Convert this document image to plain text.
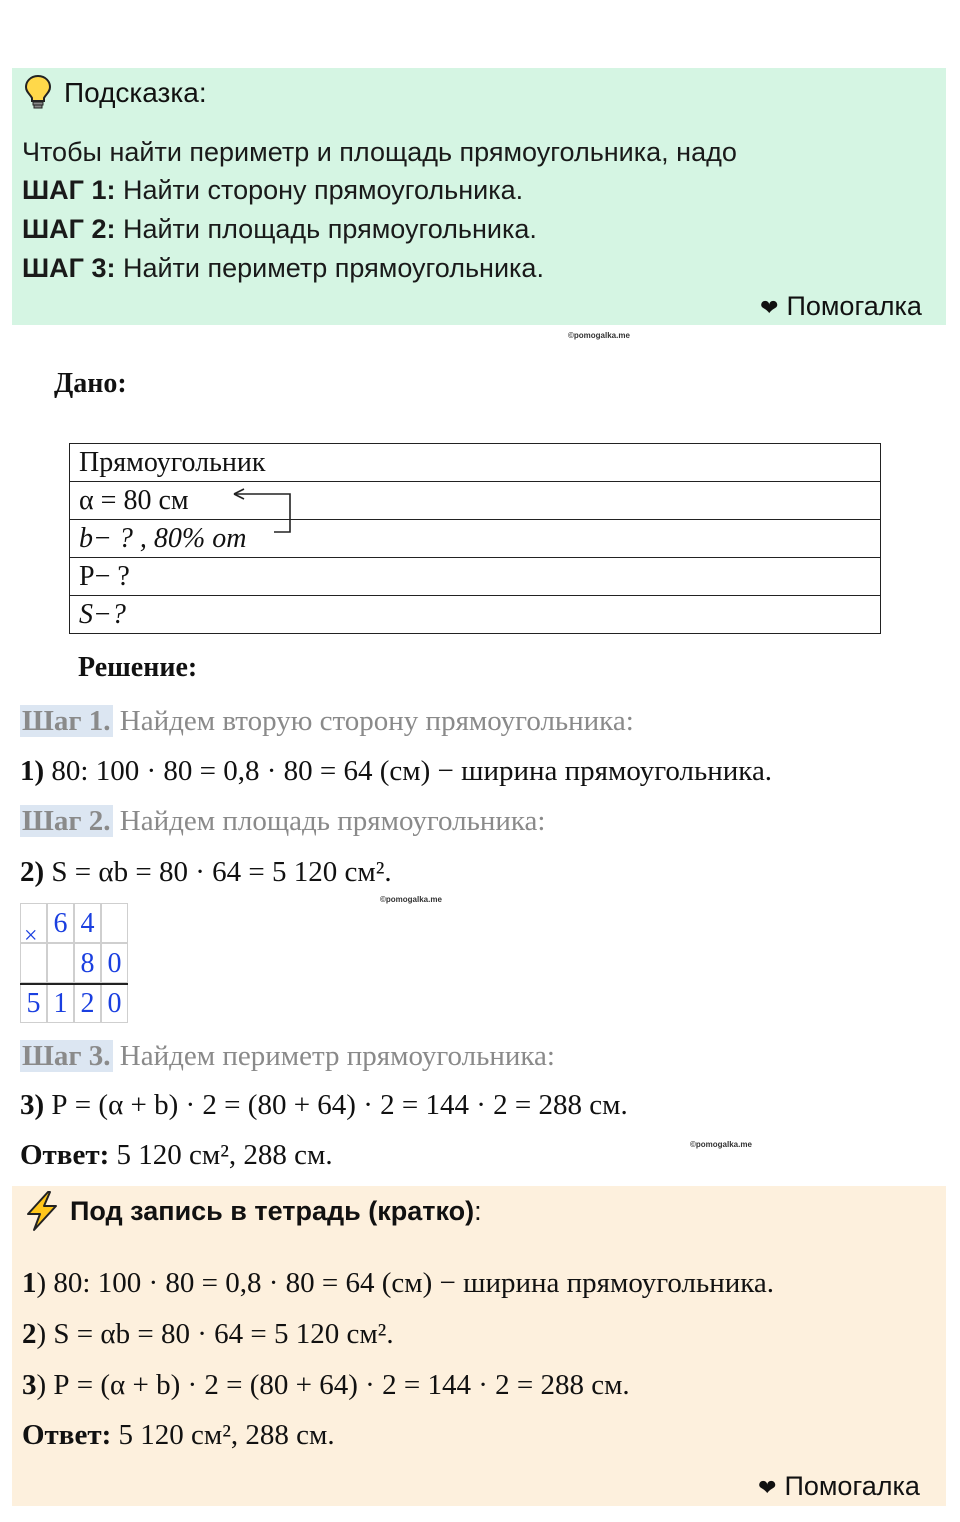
Подсказка:
Чтобы найти периметр и площадь прямоугольника, надо
ШАГ 1: Найти сторону прямоугольника.
ШАГ 2: Найти площадь прямоугольника.
ШАГ 3: Найти периметр прямоугольника.
❤ Помогалка
©pomogalka.me
Дано:
Прямоугольник
α = 80 см
b− ? , 80% от
Р− ?
S−?
Решение:
Шаг 1. Найдем вторую сторону прямоугольника:
1) 80: 100 · 80 = 0,8 · 80 = 64 (см) − ширина прямоугольника.
Шаг 2. Найдем площадь прямоугольника:
2) S = αb = 80 · 64 = 5 120 см².
©pomogalka.me
6 4
8 0
5 1 2 0
×
Шаг 3. Найдем периметр прямоугольника:
3) Р = (α + b) · 2 = (80 + 64) · 2 = 144 · 2 = 288 см.
Ответ: 5 120 см², 288 см.	©pomogalka.me
Под запись в тетрадь (кратко):
1) 80: 100 · 80 = 0,8 · 80 = 64 (см) − ширина прямоугольника.
2) S = αb = 80 · 64 = 5 120 см².
3) Р = (α + b) · 2 = (80 + 64) · 2 = 144 · 2 = 288 см.
Ответ: 5 120 см², 288 см.
❤ Помогалка
